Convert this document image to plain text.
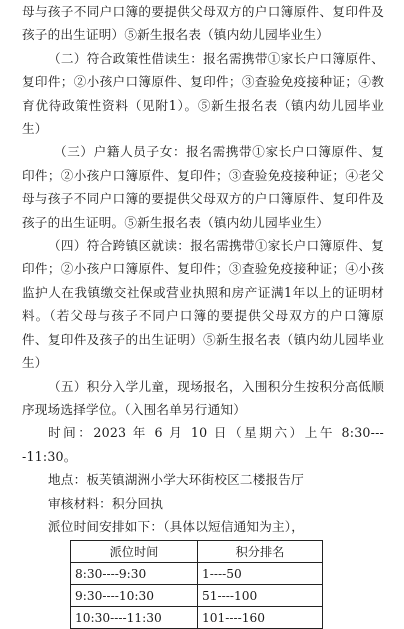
母与孩子不同户口簿的要提供父母双方的户口簿原件、复印件及孩子的出生证明）⑤新生报名表（镇内幼儿园毕业生）

（二）符合政策性借读生：报名需携带①家长户口簿原件、复印件；②小孩户口簿原件、复印件；③查验免疫接种证；④教育优待政策性资料（见附1）。⑤新生报名表（镇内幼儿园毕业生）

（三）户籍人员子女：报名需携带①家长户口簿原件、复印件；②小孩户口簿原件、复印件；③查验免疫接种证；④老父母与孩子不同户口簿的要提供父母双方的户口簿原件、复印件及孩子的出生证明。⑤新生报名表（镇内幼儿园毕业生）

（四）符合跨镇区就读：报名需携带①家长户口簿原件、复印件；②小孩户口簿原件、复印件；③查验免疫接种证；④小孩监护人在我镇缴交社保或营业执照和房产证满1年以上的证明材料。（若父母与孩子不同户口簿的要提供父母双方的户口簿原件、复印件及孩子的出生证明）⑤新生报名表（镇内幼儿园毕业生）

（五）积分入学儿童，现场报名，入围积分生按积分高低顺序现场选择学位。（入围名单另行通知）

时间：2023 年 6 月 10 日（星期六）上午 8:30----11:30。

地点：板芙镇湖洲小学大环街校区二楼报告厅

审核材料：积分回执

派位时间安排如下：（具体以短信通知为主），

派位时间	积分排名
8:30----9:30	1----50
9:30----10:30	51----100
10:30----11:30	101----160
